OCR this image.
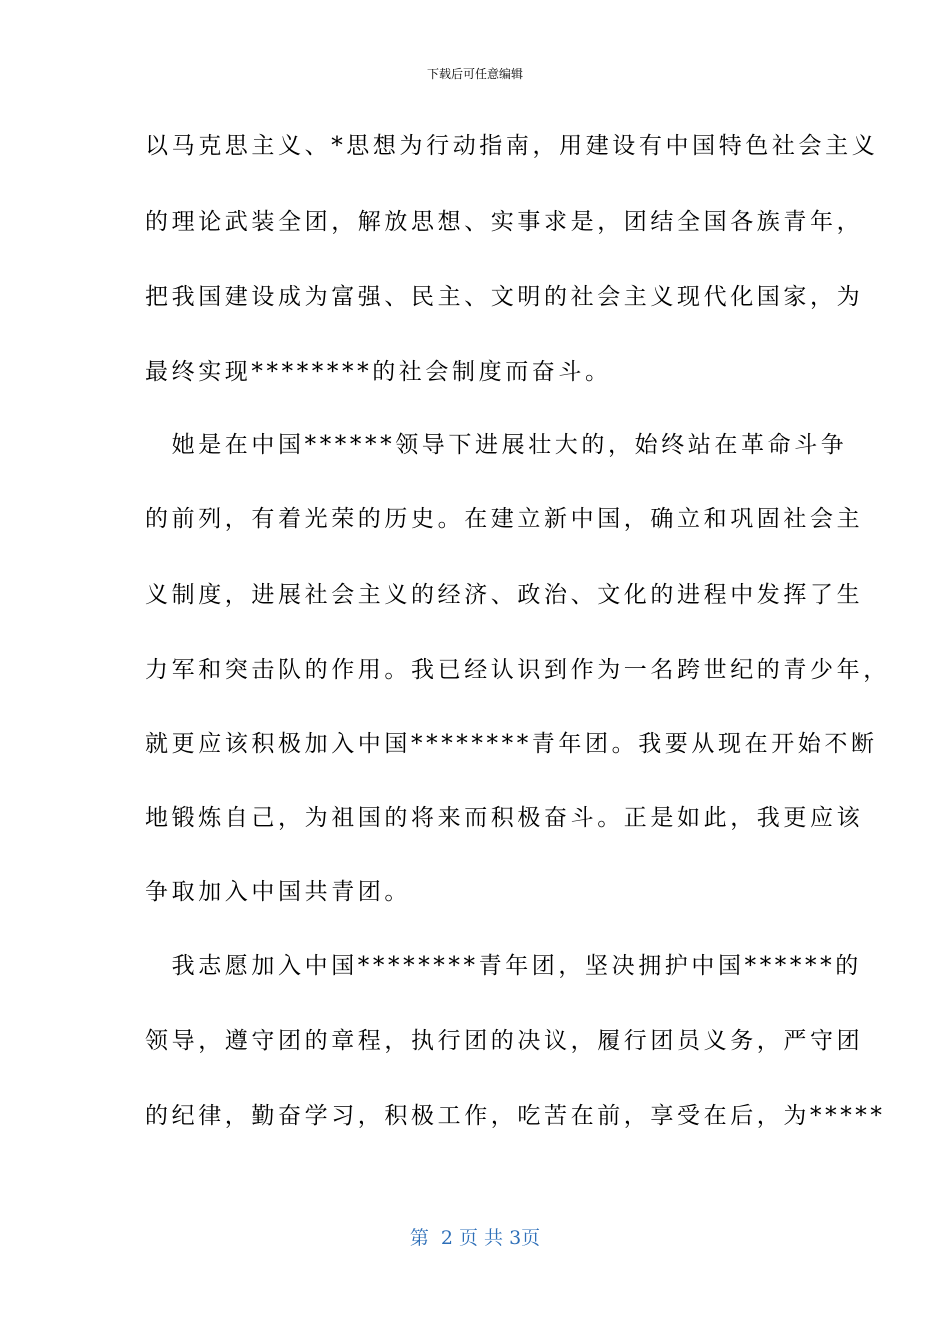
下载后可任意编辑
以马克思主义、*思想为行动指南，用建设有中国特色社会主义
的理论武装全团，解放思想、实事求是，团结全国各族青年，
把我国建设成为富强、民主、文明的社会主义现代化国家，为
最终实现********的社会制度而奋斗。
　她是在中国******领导下进展壮大的，始终站在革命斗争
的前列，有着光荣的历史。在建立新中国，确立和巩固社会主
义制度，进展社会主义的经济、政治、文化的进程中发挥了生
力军和突击队的作用。我已经认识到作为一名跨世纪的青少年，
就更应该积极加入中国********青年团。我要从现在开始不断
地锻炼自己，为祖国的将来而积极奋斗。正是如此，我更应该
争取加入中国共青团。
　我志愿加入中国********青年团，坚决拥护中国******的
领导，遵守团的章程，执行团的决议，履行团员义务，严守团
的纪律，勤奋学习，积极工作，吃苦在前，享受在后，为*****
第  2 页 共 3页
